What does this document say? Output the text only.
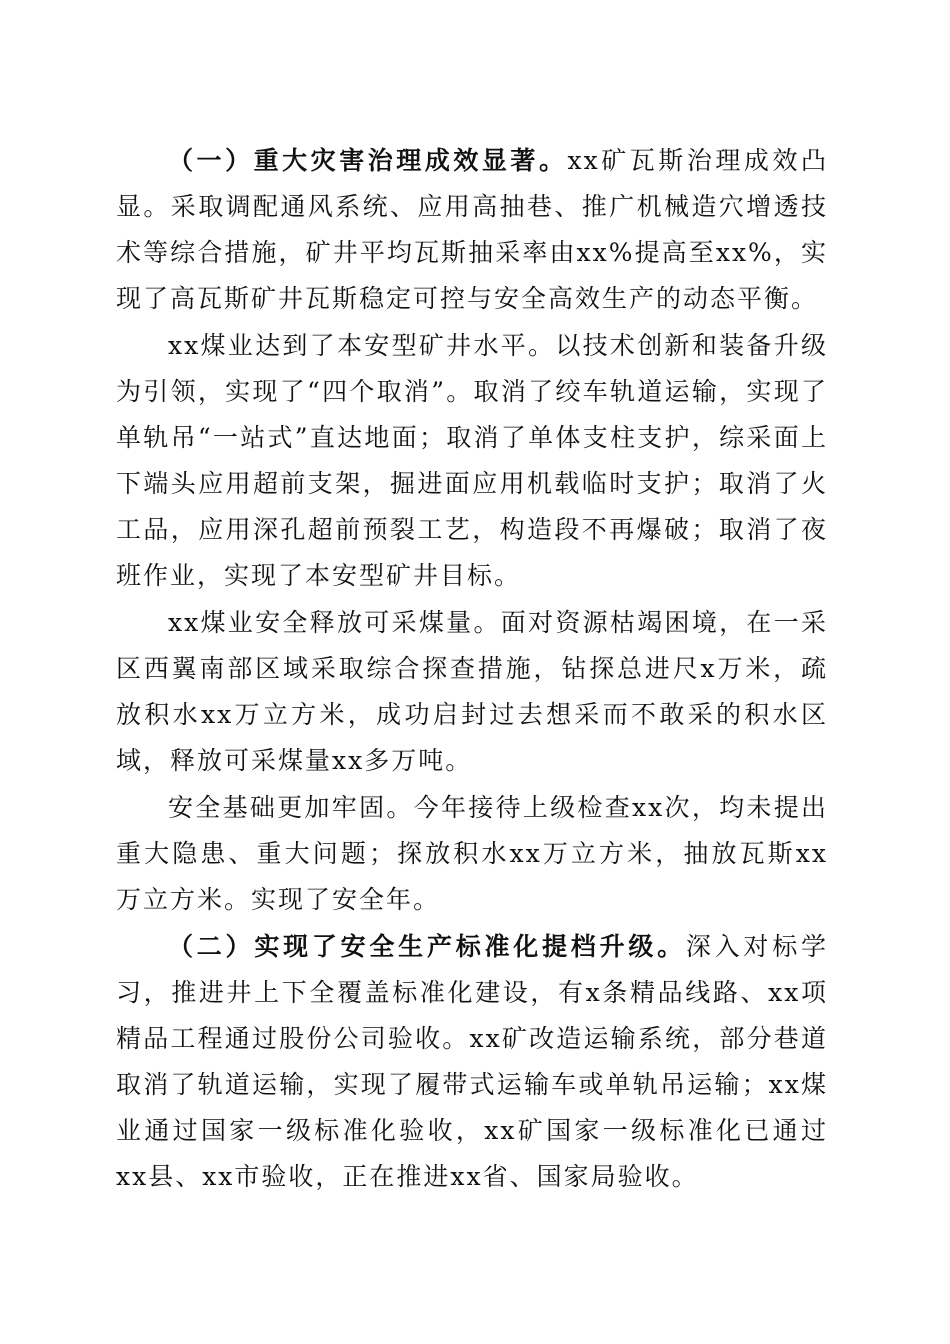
（一）重大灾害治理成效显著。xx矿瓦斯治理成效凸显。采取调配通风系统、应用高抽巷、推广机械造穴增透技术等综合措施，矿井平均瓦斯抽采率由xx%提高至xx%，实现了高瓦斯矿井瓦斯稳定可控与安全高效生产的动态平衡。

xx煤业达到了本安型矿井水平。以技术创新和装备升级为引领，实现了“四个取消”。取消了绞车轨道运输，实现了单轨吊“一站式”直达地面；取消了单体支柱支护，综采面上下端头应用超前支架，掘进面应用机载临时支护；取消了火工品，应用深孔超前预裂工艺，构造段不再爆破；取消了夜班作业，实现了本安型矿井目标。

xx煤业安全释放可采煤量。面对资源枯竭困境，在一采区西翼南部区域采取综合探查措施，钻探总进尺x万米，疏放积水xx万立方米，成功启封过去想采而不敢采的积水区域，释放可采煤量xx多万吨。

安全基础更加牢固。今年接待上级检查xx次，均未提出重大隐患、重大问题；探放积水xx万立方米，抽放瓦斯xx万立方米。实现了安全年。

（二）实现了安全生产标准化提档升级。深入对标学习，推进井上下全覆盖标准化建设，有x条精品线路、xx项精品工程通过股份公司验收。xx矿改造运输系统，部分巷道取消了轨道运输，实现了履带式运输车或单轨吊运输；xx煤业通过国家一级标准化验收，xx矿国家一级标准化已通过xx县、xx市验收，正在推进xx省、国家局验收。
